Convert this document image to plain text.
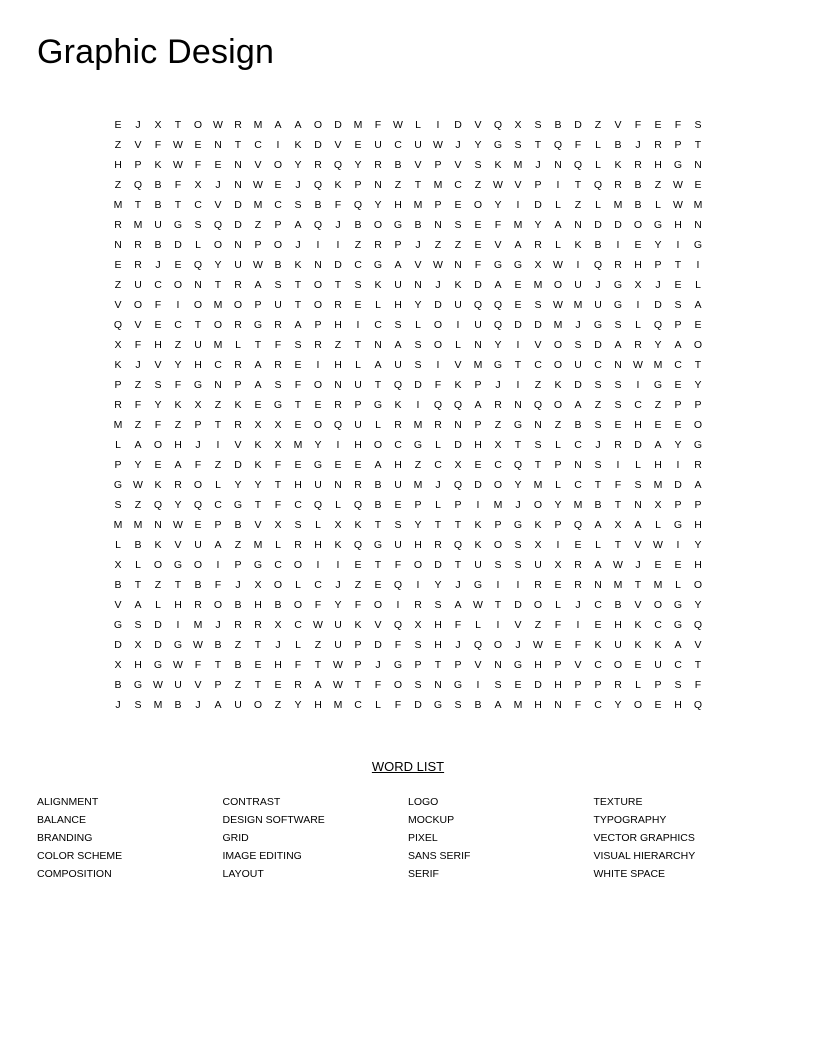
Graphic Design
E	J	X	T	O	W	R	M	A	A	O	D	M	F	W	L	I	D	V	Q	X	S	B	D	Z	V	F	E	F	S
Z	V	F	W	E	N	T	C	I	K	D	V	E	U	C	U	W	J	Y	G	S	T	Q	F	L	B	J	R	P	T
H	P	K	W	F	E	N	V	O	Y	R	Q	Y	R	B	V	P	V	S	K	M	J	N	Q	L	K	R	H	G	N
Z	Q	B	F	X	J	N	W	E	J	Q	K	P	N	Z	T	M	C	Z	W	V	P	I	T	Q	R	B	Z	W	E
M	T	B	T	C	V	D	M	C	S	B	F	Q	Y	H	M	P	E	O	Y	I	D	L	Z	L	M	B	L	W	M
R	M	U	G	S	Q	D	Z	P	A	Q	J	B	O	G	B	N	S	E	F	M	Y	A	N	D	D	O	G	H	N
N	R	B	D	L	O	N	P	O	J	I	I	Z	R	P	J	Z	Z	E	V	A	R	L	K	B	I	E	Y	I	G
E	R	J	E	Q	Y	U	W	B	K	N	D	C	G	A	V	W	N	F	G	G	X	W	I	Q	R	H	P	T	I
Z	U	C	O	N	T	R	A	S	T	O	T	S	K	U	N	J	K	D	A	E	M	O	U	J	G	X	J	E	L
V	O	F	I	O	M	O	P	U	T	O	R	E	L	H	Y	D	U	Q	Q	E	S	W	M	U	G	I	D	S	A
Q	V	E	C	T	O	R	G	R	A	P	H	I	C	S	L	O	I	U	Q	D	D	M	J	G	S	L	Q	P	E
X	F	H	Z	U	M	L	T	F	S	R	Z	T	N	A	S	O	L	N	Y	I	V	O	S	D	A	R	Y	A	O
K	J	V	Y	H	C	R	A	R	E	I	H	L	A	U	S	I	V	M	G	T	C	O	U	C	N	W	M	C	T
P	Z	S	F	G	N	P	A	S	F	O	N	U	T	Q	D	F	K	P	J	I	Z	K	D	S	S	I	G	E	Y
R	F	Y	K	X	Z	K	E	G	T	E	R	P	G	K	I	Q	Q	A	R	N	Q	O	A	Z	S	C	Z	P	P
M	Z	F	Z	P	T	R	X	X	E	O	Q	U	L	R	M	R	N	P	Z	G	N	Z	B	S	E	H	E	E	O
L	A	O	H	J	I	V	K	X	M	Y	I	H	O	C	G	L	D	H	X	T	S	L	C	J	R	D	A	Y	G
P	Y	E	A	F	Z	D	K	F	E	G	E	E	A	H	Z	C	X	E	C	Q	T	P	N	S	I	L	H	I	R
G	W	K	R	O	L	Y	Y	T	H	U	N	R	B	U	M	J	Q	D	O	Y	M	L	C	T	F	S	M	D	A
S	Z	Q	Y	Q	C	G	T	F	C	Q	L	Q	B	E	P	L	P	I	M	J	O	Y	M	B	T	N	X	P	P
M	M	N	W	E	P	B	V	X	S	L	X	K	T	S	Y	T	T	K	P	G	K	P	Q	A	X	A	L	G	H
L	B	K	V	U	A	Z	M	L	R	H	K	Q	G	U	H	R	Q	K	O	S	X	I	E	L	T	V	W	I	Y
X	L	O	G	O	I	P	G	C	O	I	I	E	T	F	O	D	T	U	S	S	U	X	R	A	W	J	E	E	H
B	T	Z	T	B	F	J	X	O	L	C	J	Z	E	Q	I	Y	J	G	I	I	R	E	R	N	M	T	M	L	O
V	A	L	H	R	O	B	H	B	O	F	Y	F	O	I	R	S	A	W	T	D	O	L	J	C	B	V	O	G	Y
G	S	D	I	M	J	R	R	X	C	W	U	K	V	Q	X	H	F	L	I	V	Z	F	I	E	H	K	C	G	Q
D	X	D	G	W	B	Z	T	J	L	Z	U	P	D	F	S	H	J	Q	O	J	W	E	F	K	U	K	K	A	V
X	H	G	W	F	T	B	E	H	F	T	W	P	J	G	P	T	P	V	N	G	H	P	V	C	O	E	U	C	T
B	G	W	U	V	P	Z	T	E	R	A	W	T	F	O	S	N	G	I	S	E	D	H	P	P	R	L	P	S	F
J	S	M	B	J	A	U	O	Z	Y	H	M	C	L	F	D	G	S	B	A	M	H	N	F	C	Y	O	E	H	Q
WORD LIST
ALIGNMENT
BALANCE
BRANDING
COLOR SCHEME
COMPOSITION
CONTRAST
DESIGN SOFTWARE
GRID
IMAGE EDITING
LAYOUT
LOGO
MOCKUP
PIXEL
SANS SERIF
SERIF
TEXTURE
TYPOGRAPHY
VECTOR GRAPHICS
VISUAL HIERARCHY
WHITE SPACE
